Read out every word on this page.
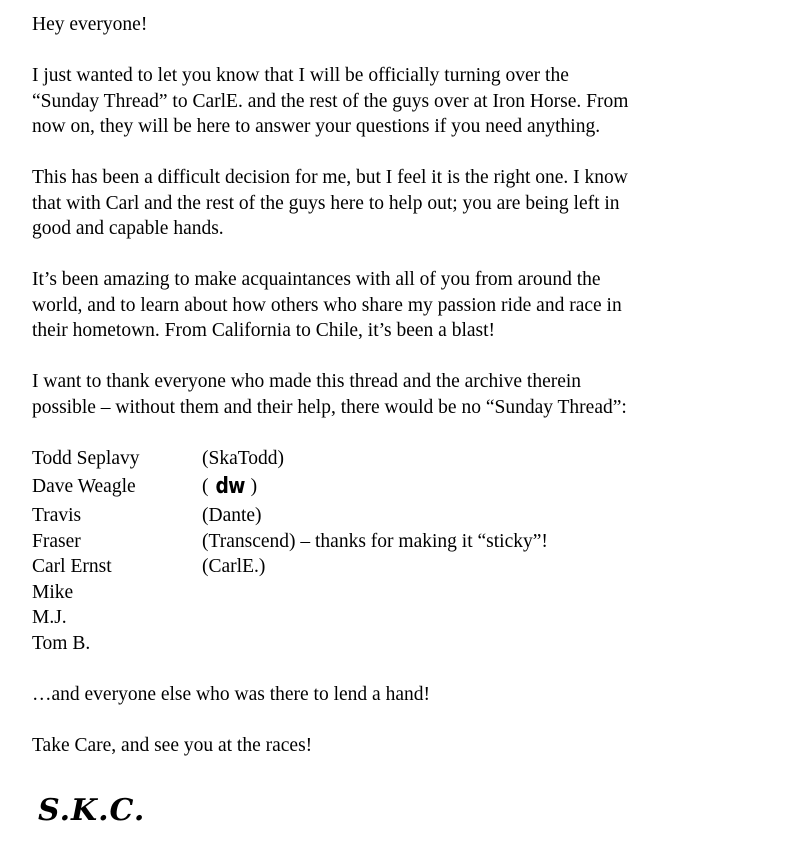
Hey everyone!
I just wanted to let you know that I will be officially turning over the
“Sunday Thread” to CarlE. and the rest of the guys over at Iron Horse. From
now on, they will be here to answer your questions if you need anything.
This has been a difficult decision for me, but I feel it is the right one. I know
that with Carl and the rest of the guys here to help out; you are being left in
good and capable hands.
It’s been amazing to make acquaintances with all of you from around the
world, and to learn about how others who share my passion ride and race in
their hometown. From California to Chile, it’s been a blast!
I want to thank everyone who made this thread and the archive therein
possible – without them and their help, there would be no “Sunday Thread”:
Todd Seplavy	(SkaTodd)
Dave Weagle	( dw )
Travis	(Dante)
Fraser	(Transcend) – thanks for making it “sticky”!
Carl Ernst	(CarlE.)
Mike
M.J.
Tom B.
…and everyone else who was there to lend a hand!
Take Care, and see you at the races!
S.K.C.
